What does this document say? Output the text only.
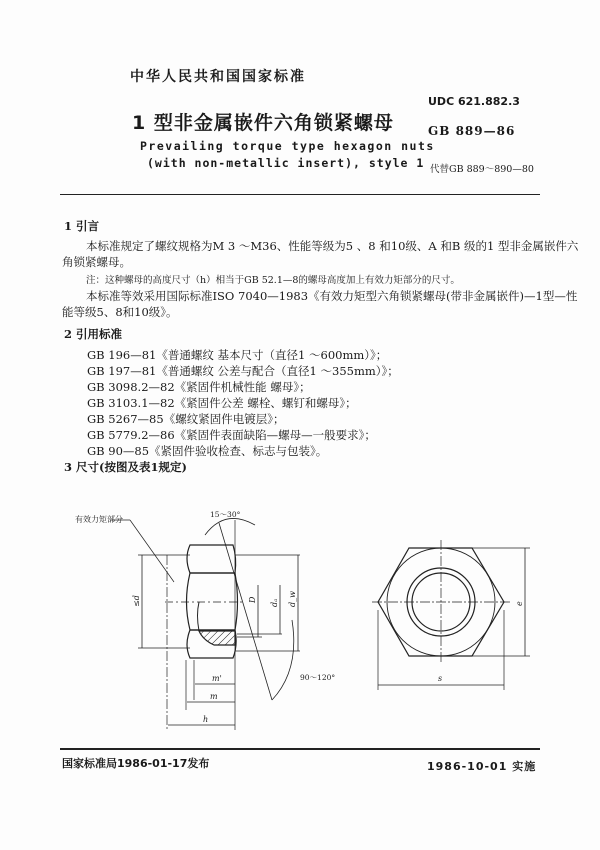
中华人民共和国国家标准
1 型非金属嵌件六角锁紧螺母
Prevailing torque type hexagon nuts
(with non-metallic insert), style 1
UDC 621.882.3
GB 889—86
代替GB 889～890—80
1 引言
本标准规定了螺纹规格为M 3 ～M36、性能等级为5 、8 和10级、A 和B 级的1 型非金属嵌件六
角锁紧螺母。
注：这种螺母的高度尺寸（h）相当于GB 52.1—8的螺母高度加上有效力矩部分的尺寸。
本标准等效采用国际标准ISO 7040—1983《有效力矩型六角锁紧螺母(带非金属嵌件)—1型—性
能等级5、8和10级》。
2 引用标准
GB 196—81《普通螺纹 基本尺寸（直径1 ～600mm）》；
GB 197—81《普通螺纹 公差与配合（直径1 ～355mm）》；
GB 3098.2—82《紧固件机械性能 螺母》；
GB 3103.1—82《紧固件公差 螺栓、螺钉和螺母》；
GB 5267—85《螺纹紧固件电镀层》；
GB 5779.2—86《紧固件表面缺陷—螺母—一般要求》；
GB 90—85《紧固件验收检查、标志与包装》。
3 尺寸(按图及表1规定)
有效力矩部分
15～30°
90～120°
m'
m
h
D dₐ d_w
≤d
s
e
国家标准局1986-01-17发布	1986-10-01 实施
